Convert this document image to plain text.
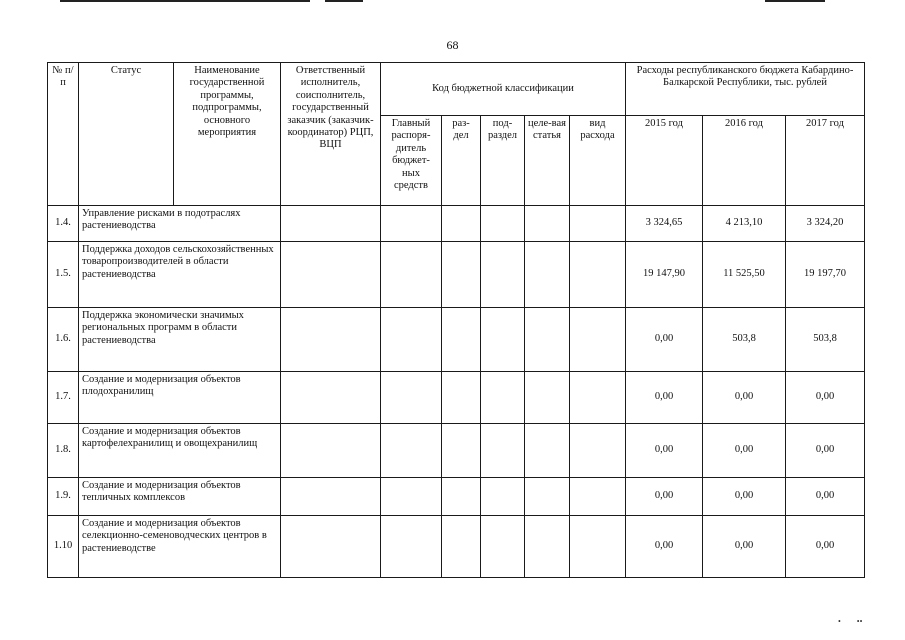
•        ••
68
№ п/п	Статус	Наименование государственной программы, подпрограммы, основного мероприятия	Ответственный исполнитель, соисполнитель, государственный заказчик (заказчик-координатор) РЦП, ВЦП	Код бюджетной классификации					Расходы республиканского бюджета Кабардино-Балкарской Республики, тыс. рублей		
				Главный распоря-дитель бюджет-ных средств	раз-дел	под-раздел	целе-вая статья	вид расхода	2015 год	2016 год	2017 год
1.4.	Управление рисками в подотраслях растениеводства								3 324,65	4 213,10	3 324,20
1.5.	Поддержка доходов сельскохозяйственных товаропроизводителей в области растениеводства								19 147,90	11 525,50	19 197,70
1.6.	Поддержка экономически значимых региональных программ в области растениеводства								0,00	503,8	503,8
1.7.	Создание и модернизация объектов плодохранилищ								0,00	0,00	0,00
1.8.	Создание и модернизация объектов картофелехранилищ и овощехранилищ								0,00	0,00	0,00
1.9.	Создание и модернизация объектов тепличных комплексов								0,00	0,00	0,00
1.10	Создание и модернизация объектов селекционно-семеноводческих центров в растениеводстве								0,00	0,00	0,00
